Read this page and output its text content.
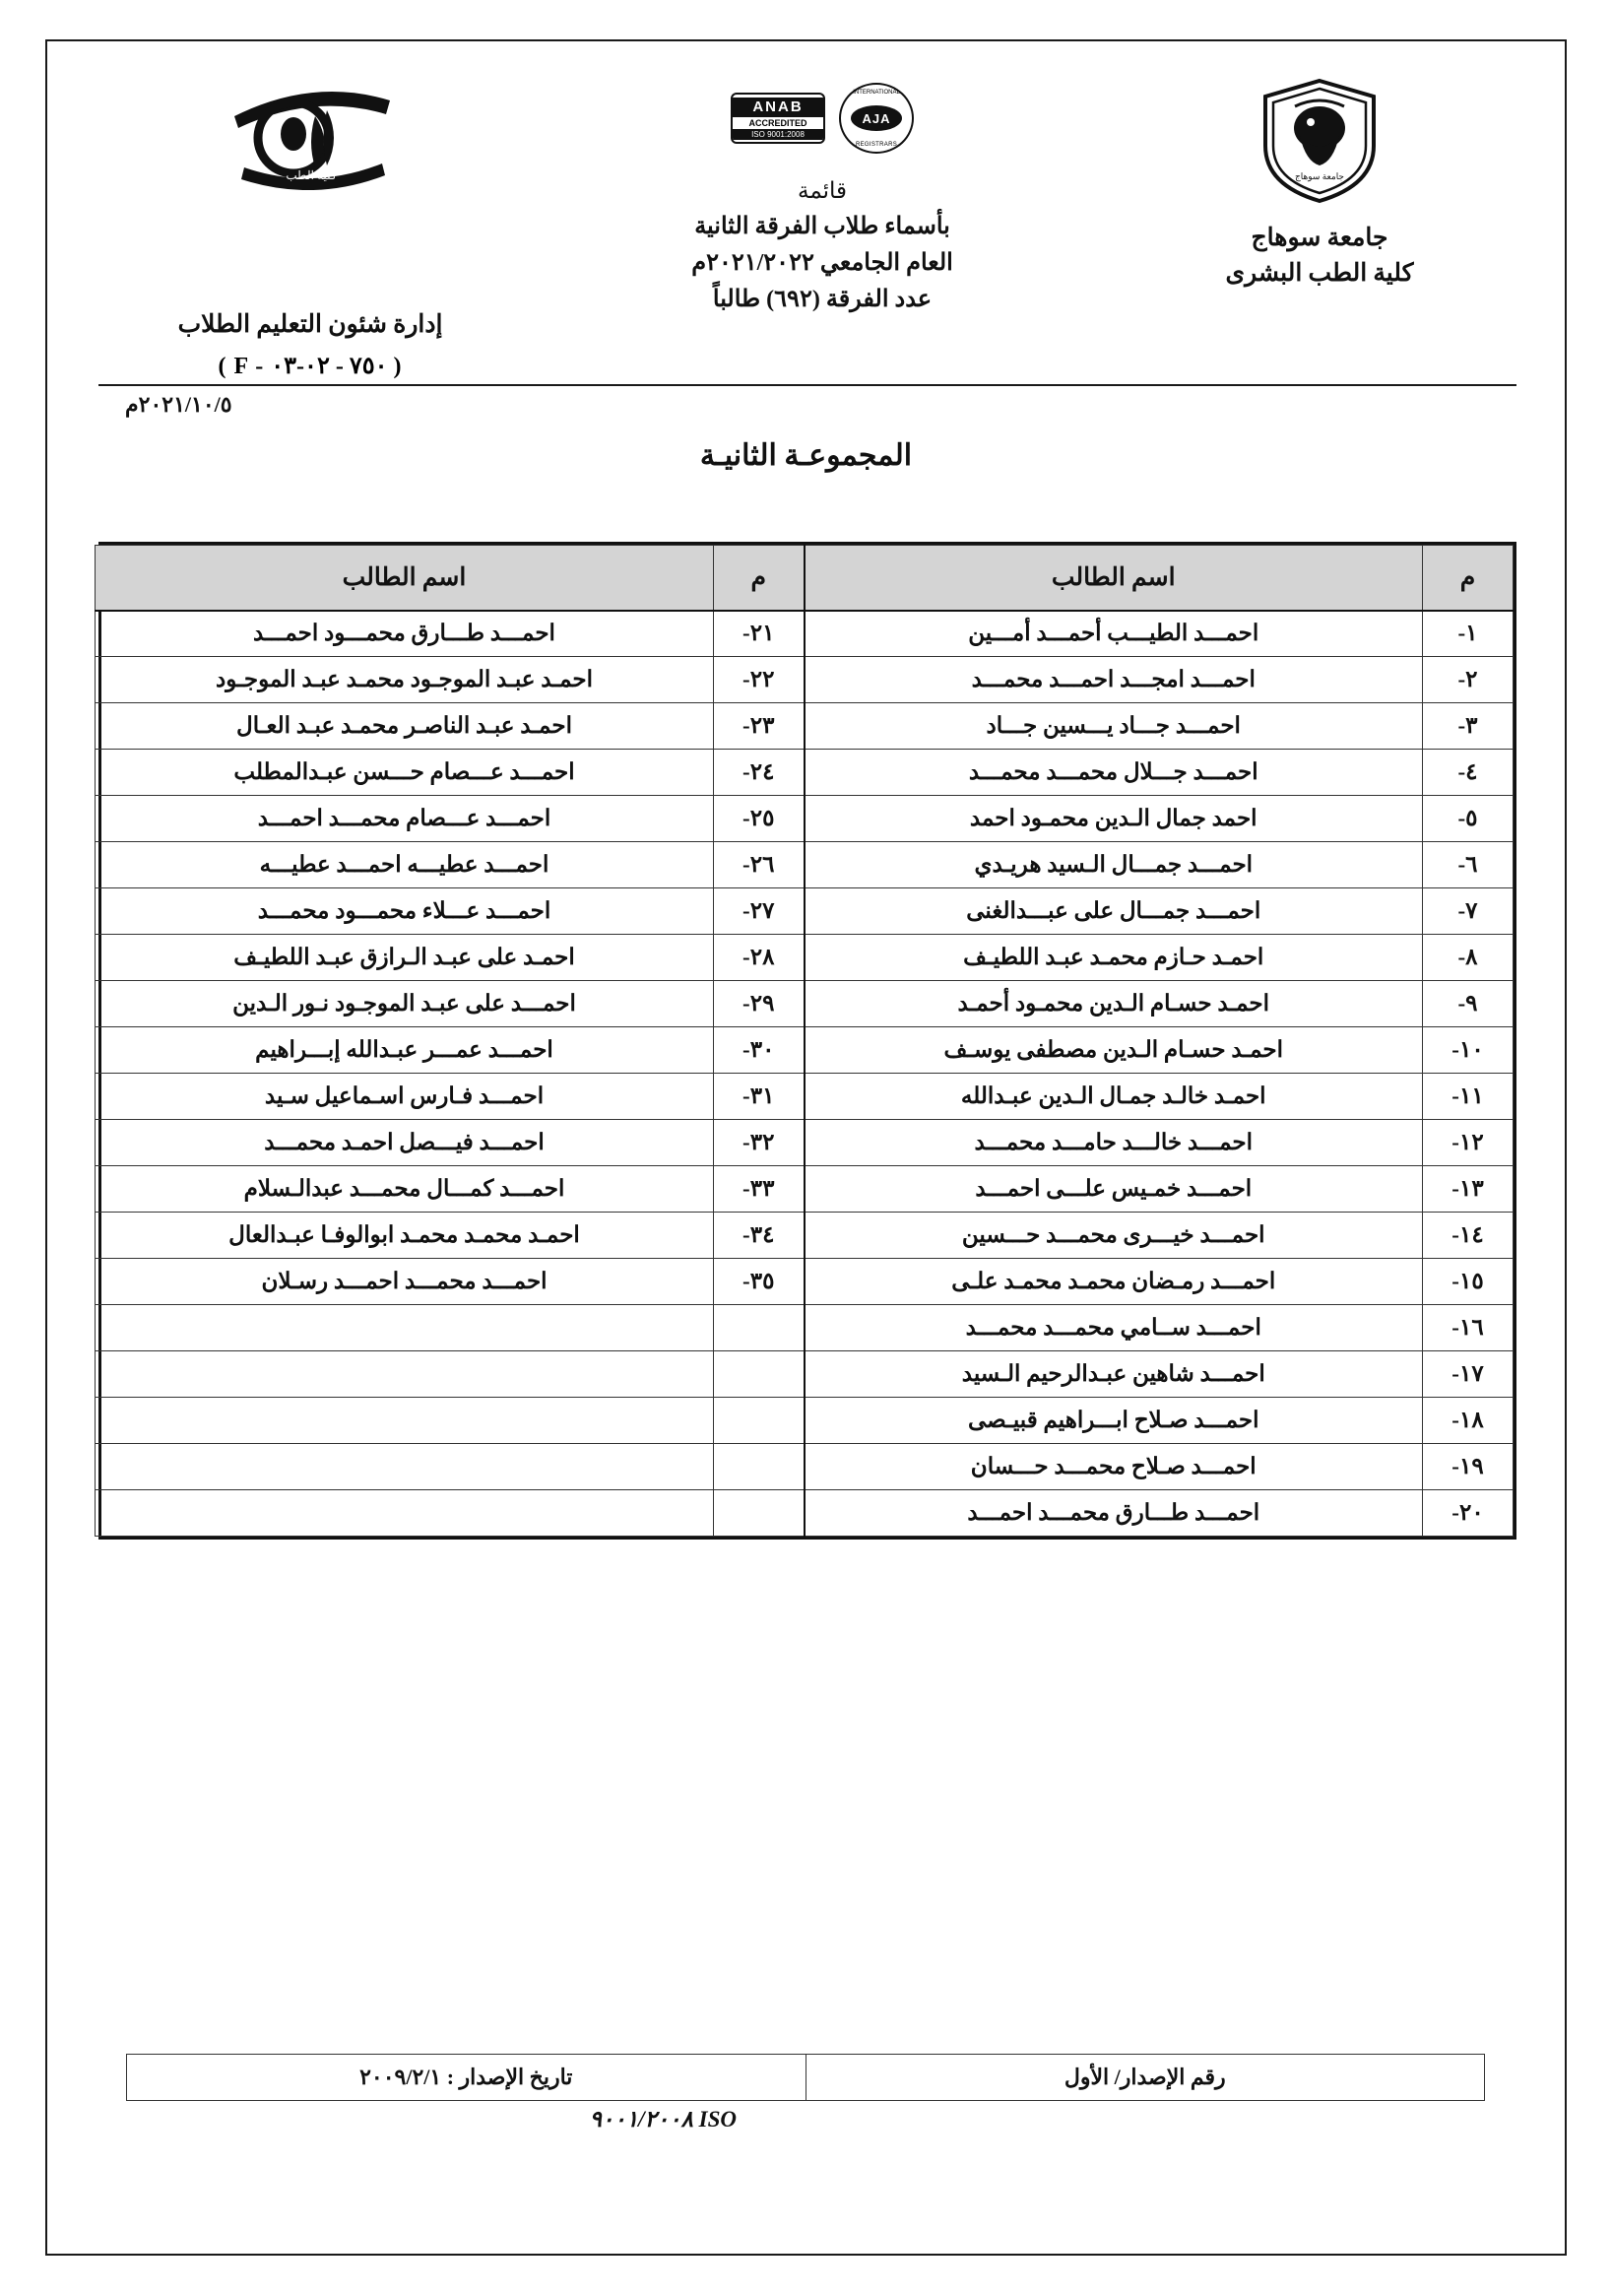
جامعة سوهاج
جامعة سوهاج
كلية الطب البشرى
ANAB
ACCREDITED
ISO 9001:2008
INTERNATIONAL
AJA
REGISTRARS
قائمة
بأسماء طلاب الفرقة الثانية
العام الجامعي ٢٠٢١/٢٠٢٢م
عدد الفرقة (٦٩٢) طالباً
كلية الطب
إدارة شئون التعليم الطلاب
( F - ٧٥٠ - ٠٢-٠٣ )
٢٠٢١/١٠/٥م
المجموعـة الثانيـة
م	اسم الطالب	م	اسم الطالب
١-	احمـــد الطيـــب أحمـــد أمـــين	٢١-	احمـــد طـــارق محمـــود احمـــد
٢-	احمـــد امجـــد احمـــد محمـــد	٢٢-	احمـد عبـد الموجـود محمـد عبـد الموجـود
٣-	احمـــد جـــاد يـــسين جـــاد	٢٣-	احمـد عبـد الناصـر محمـد عبـد العـال
٤-	احمـــد جـــلال محمـــد محمـــد	٢٤-	احمـــد عـــصام حـــسن عبـدالمطلب
٥-	احمد جمال الـدين محمـود احمد	٢٥-	احمـــد عـــصام محمـــد احمـــد
٦-	احمـــد جمـــال الـسيد هريـدي	٢٦-	احمـــد عطيـــه احمـــد عطيـــه
٧-	احمـــد جمـــال على عبـــدالغنى	٢٧-	احمـــد عـــلاء محمـــود محمـــد
٨-	احمـد حـازم محمـد عبـد اللطيـف	٢٨-	احمـد على عبـد الـرازق عبـد اللطيـف
٩-	احمـد حسـام الـدين محمـود أحمـد	٢٩-	احمـــد على عبـد الموجـود نـور الـدين
١٠-	احمـد حسـام الـدين مصطفى يوسـف	٣٠-	احمـــد عمـــر عبـدالله إبـــراهيم
١١-	احمـد خالـد جمـال الـدين عبـدالله	٣١-	احمـــد فـارس اسـماعيل سـيد
١٢-	احمـــد خالـــد حامـــد محمـــد	٣٢-	احمـــد فيـــصل احمـد محمـــد
١٣-	احمـــد خمـيس علـــى احمـــد	٣٣-	احمـــد كمـــال محمـــد عبدالـسلام
١٤-	احمـــد خيـــرى محمـــد حـــسين	٣٤-	احمـد محمـد محمـد ابوالوفـا عبـدالعال
١٥-	احمـــد رمـضان محمـد محمـد علـى	٣٥-	احمـــد محمـــد احمـــد رسـلان
١٦-	احمـــد ســامي محمـــد محمـــد		
١٧-	احمـــد شاهين عبـدالرحيم الـسيد		
١٨-	احمـــد صـلاح ابـــراهيم قبيـصى		
١٩-	احمـــد صـلاح محمـــد حـــسان		
٢٠-	احمـــد طـــارق محمـــد احمـــد		
رقم الإصدار/ الأول	تاريخ الإصدار : ٢٠٠٩/٢/١
ISO ٩٠٠١/٢٠٠٨
